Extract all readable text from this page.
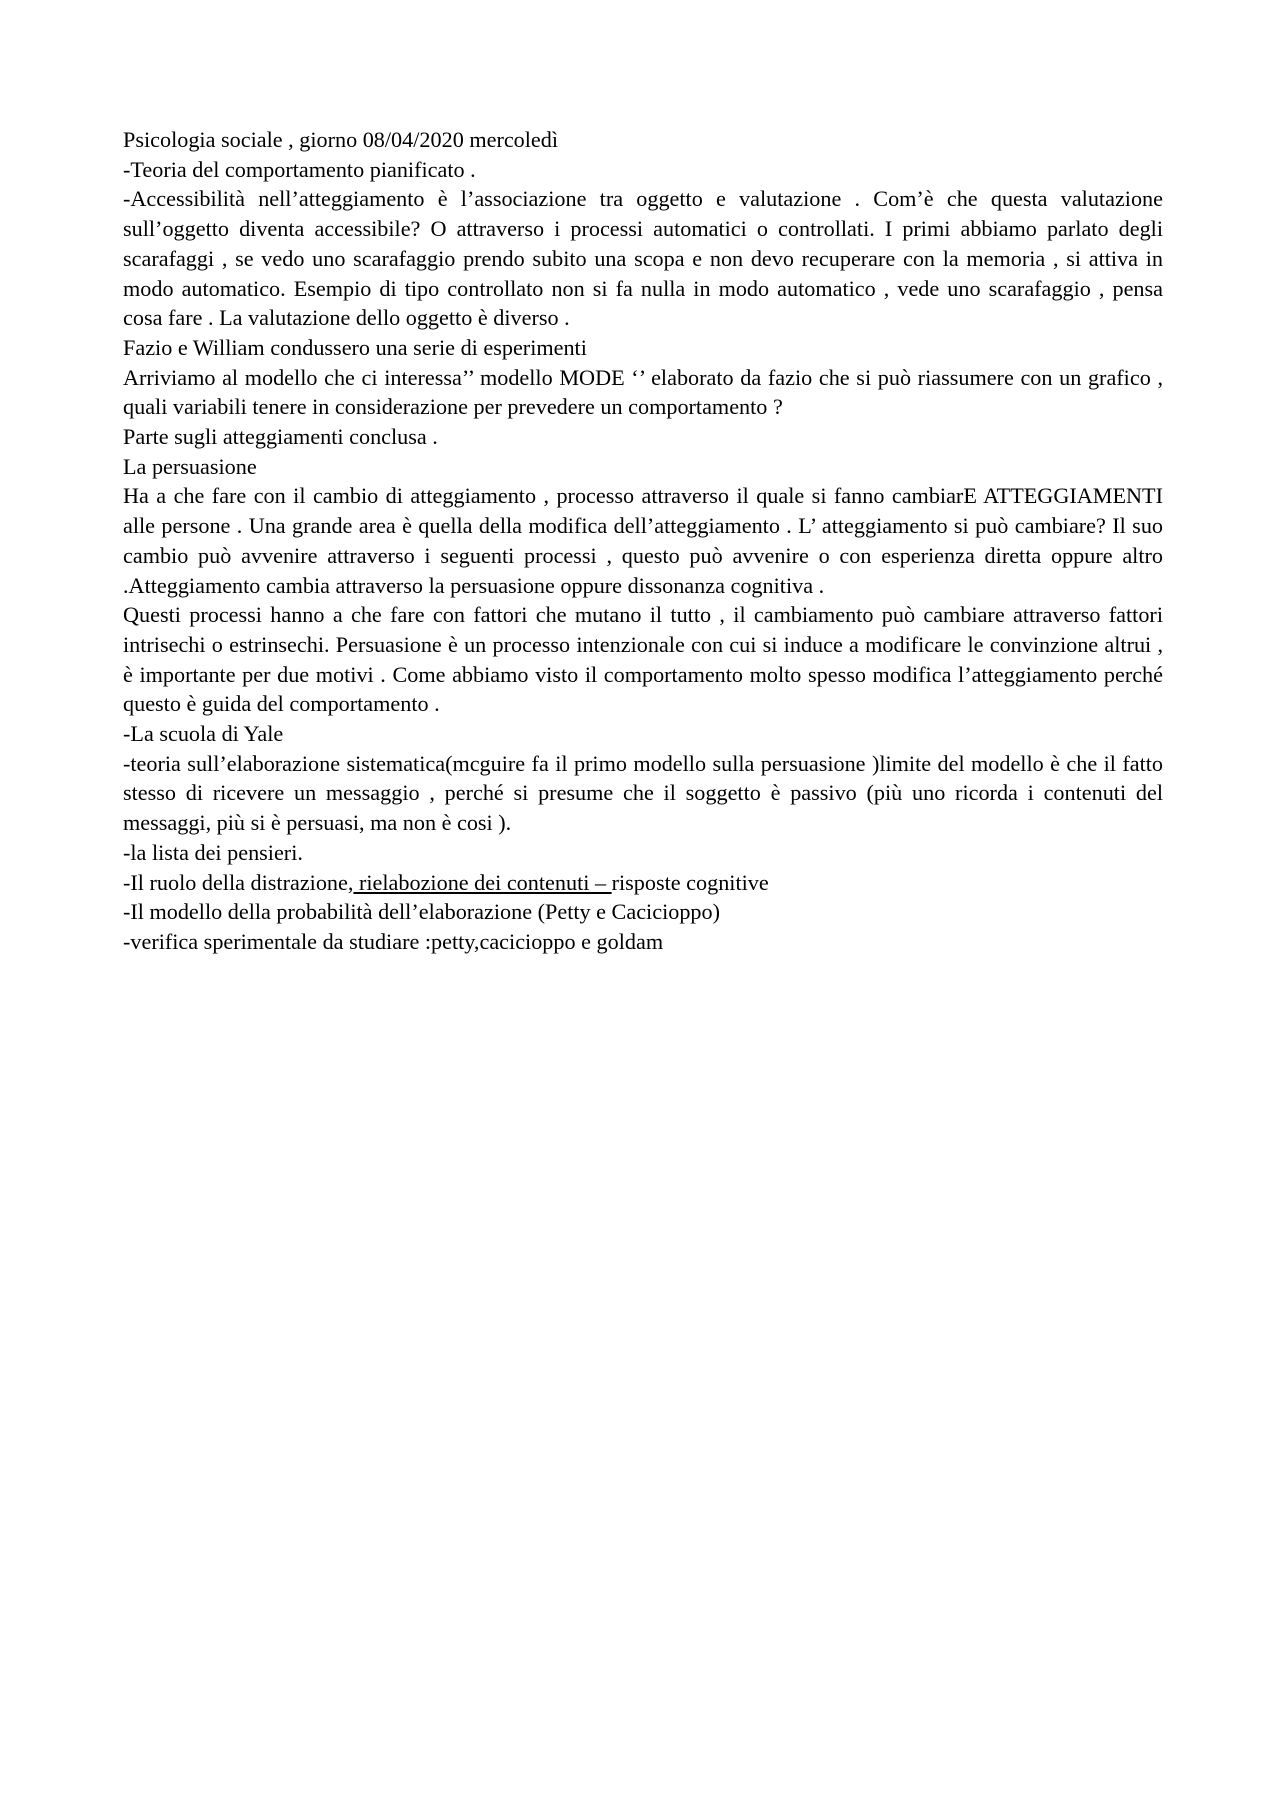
Psicologia sociale , giorno 08/04/2020 mercoledì

-Teoria del comportamento pianificato .

-Accessibilità nell’atteggiamento è l’associazione tra oggetto e valutazione . Com’è che questa valutazione sull’oggetto diventa accessibile? O attraverso i processi automatici o controllati. I primi abbiamo parlato degli scarafaggi , se vedo uno scarafaggio prendo subito una scopa e non devo recuperare con la memoria , si attiva in modo automatico. Esempio di tipo controllato non si fa nulla in modo automatico , vede uno scarafaggio , pensa cosa fare . La valutazione dello oggetto è diverso .

Fazio e William condussero una serie di esperimenti

Arriviamo al modello che ci interessa’’ modello MODE ‘’ elaborato da fazio che si può riassumere con un grafico , quali variabili tenere in considerazione per prevedere un comportamento ?

Parte sugli atteggiamenti conclusa .

La persuasione

Ha a che fare con il cambio di atteggiamento , processo attraverso il quale si fanno cambiarE ATTEGGIAMENTI alle persone . Una grande area è quella della modifica dell’atteggiamento . L’ atteggiamento si può cambiare? Il suo cambio può avvenire attraverso i seguenti processi , questo può avvenire o con esperienza diretta oppure altro .Atteggiamento cambia attraverso la persuasione oppure dissonanza cognitiva .

Questi processi hanno a che fare con fattori che mutano il tutto , il cambiamento può cambiare attraverso fattori intrisechi o estrinsechi. Persuasione è un processo intenzionale con cui si induce a modificare le convinzione altrui , è importante per due motivi . Come abbiamo visto il comportamento molto spesso modifica l’atteggiamento perché questo è guida del comportamento .

-La scuola di Yale

-teoria sull’elaborazione sistematica(mcguire fa il primo modello sulla persuasione )limite del modello è che il fatto stesso di ricevere un messaggio , perché si presume che il soggetto è passivo (più uno ricorda i contenuti del messaggi, più si è persuasi, ma non è cosi ).

-la lista dei pensieri.

-Il ruolo della distrazione, rielabozione dei contenuti – risposte cognitive

-Il modello della probabilità dell’elaborazione (Petty e Cacicioppo)

-verifica sperimentale da studiare :petty,cacicioppo e goldam
